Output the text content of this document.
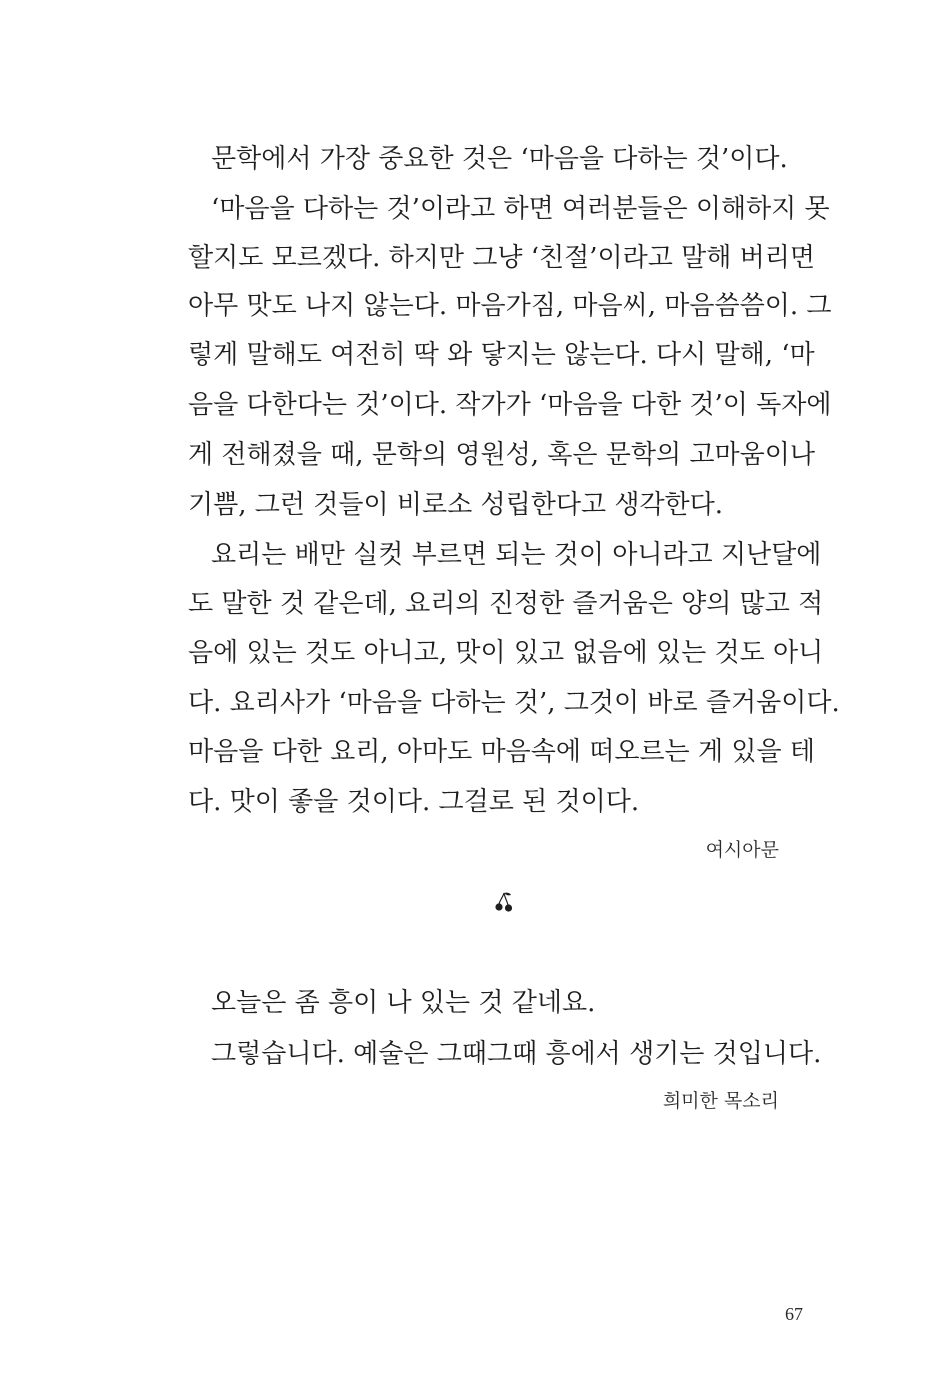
문학에서 가장 중요한 것은 ‘마음을 다하는 것’이다.
‘마음을 다하는 것’이라고 하면 여러분들은 이해하지 못
할지도 모르겠다. 하지만 그냥 ‘친절’이라고 말해 버리면
아무 맛도 나지 않는다. 마음가짐, 마음씨, 마음씀씀이. 그
렇게 말해도 여전히 딱 와 닿지는 않는다. 다시 말해, ‘마
음을 다한다는 것’이다. 작가가 ‘마음을 다한 것’이 독자에
게 전해졌을 때, 문학의 영원성, 혹은 문학의 고마움이나
기쁨, 그런 것들이 비로소 성립한다고 생각한다.
요리는 배만 실컷 부르면 되는 것이 아니라고 지난달에
도 말한 것 같은데, 요리의 진정한 즐거움은 양의 많고 적
음에 있는 것도 아니고, 맛이 있고 없음에 있는 것도 아니
다. 요리사가 ‘마음을 다하는 것’, 그것이 바로 즐거움이다.
마음을 다한 요리, 아마도 마음속에 떠오르는 게 있을 테
다. 맛이 좋을 것이다. 그걸로 된 것이다.
여시아문
오늘은 좀 흥이 나 있는 것 같네요.
그렇습니다. 예술은 그때그때 흥에서 생기는 것입니다.
희미한 목소리
67
